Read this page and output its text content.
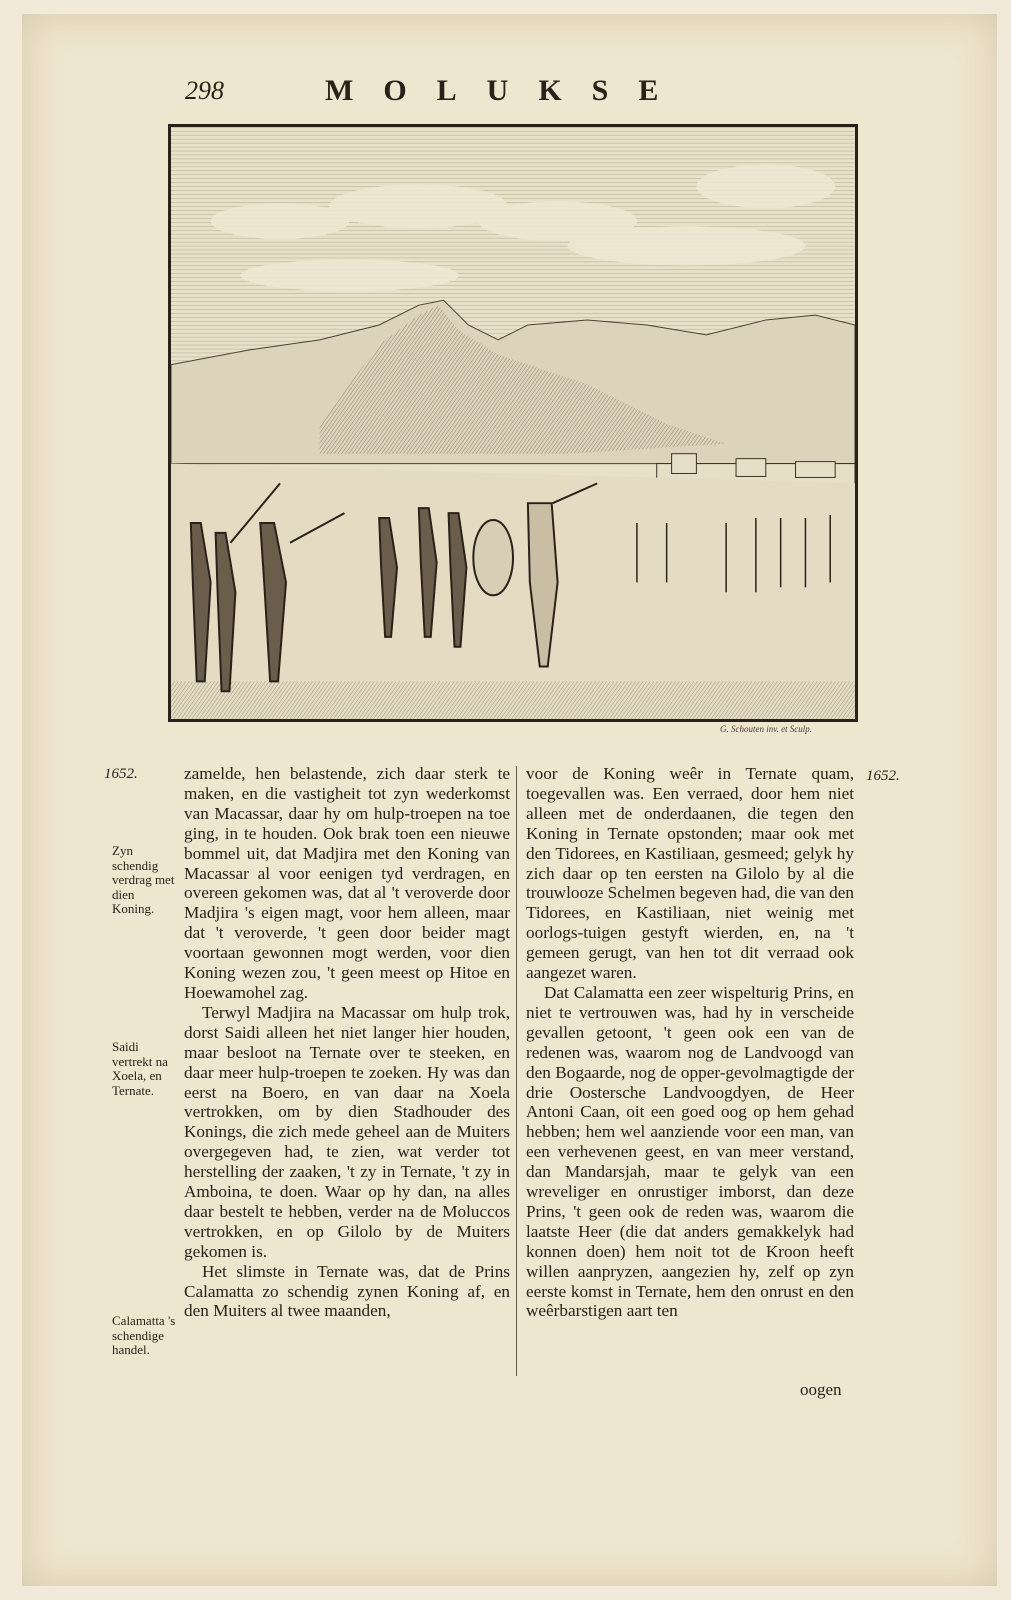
298	MOLUKSE
G. Schouten inv. et Sculp.
1652.	1652.
Zyn schendig verdrag met dien Koning.
Saidi vertrekt na Xoela, en Ternate.
Calamatta 's schendige handel.

zamelde, hen belastende, zich daar sterk te maken, en die vastigheit tot zyn wederkomst van Macassar, daar hy om hulp-troepen na toe ging, in te houden. Ook brak toen een nieuwe bommel uit, dat Madjira met den Koning van Macassar al voor eenigen tyd verdragen, en overeen gekomen was, dat al 't veroverde door Madjira 's eigen magt, voor hem alleen, maar dat 't veroverde, 't geen door beider magt voortaan gewonnen mogt werden, voor dien Koning wezen zou, 't geen meest op Hitoe en Hoewamohel zag.

Terwyl Madjira na Macassar om hulp trok, dorst Saidi alleen het niet langer hier houden, maar besloot na Ternate over te steeken, en daar meer hulp-troepen te zoeken. Hy was dan eerst na Boero, en van daar na Xoela vertrokken, om by dien Stadhouder des Konings, die zich mede geheel aan de Muiters overgegeven had, te zien, wat verder tot herstelling der zaaken, 't zy in Ternate, 't zy in Amboina, te doen. Waar op hy dan, na alles daar bestelt te hebben, verder na de Moluccos vertrokken, en op Gilolo by de Muiters gekomen is.

Het slimste in Ternate was, dat de Prins Calamatta zo schendig zynen Koning af, en den Muiters al twee maanden,

voor de Koning weêr in Ternate quam, toegevallen was. Een verraed, door hem niet alleen met de onderdaanen, die tegen den Koning in Ternate opstonden; maar ook met den Tidorees, en Kastiliaan, gesmeed; gelyk hy zich daar op ten eersten na Gilolo by al die trouwlooze Schelmen begeven had, die van den Tidorees, en Kastiliaan, niet weinig met oorlogs-tuigen gestyft wierden, en, na 't gemeen gerugt, van hen tot dit verraad ook aangezet waren.

Dat Calamatta een zeer wispelturig Prins, en niet te vertrouwen was, had hy in verscheide gevallen getoont, 't geen ook een van de redenen was, waarom nog de Landvoogd van den Bogaarde, nog de opper-gevolmagtigde der drie Oostersche Landvoogdyen, de Heer Antoni Caan, oit een goed oog op hem gehad hebben; hem wel aanziende voor een man, van een verhevenen geest, en van meer verstand, dan Mandarsjah, maar te gelyk van een wreveliger en onrustiger imborst, dan deze Prins, 't geen ook de reden was, waarom die laatste Heer (die dat anders gemakkelyk had konnen doen) hem noit tot de Kroon heeft willen aanpryzen, aangezien hy, zelf op zyn eerste komst in Ternate, hem den onrust en den weêrbarstigen aart ten

oogen
